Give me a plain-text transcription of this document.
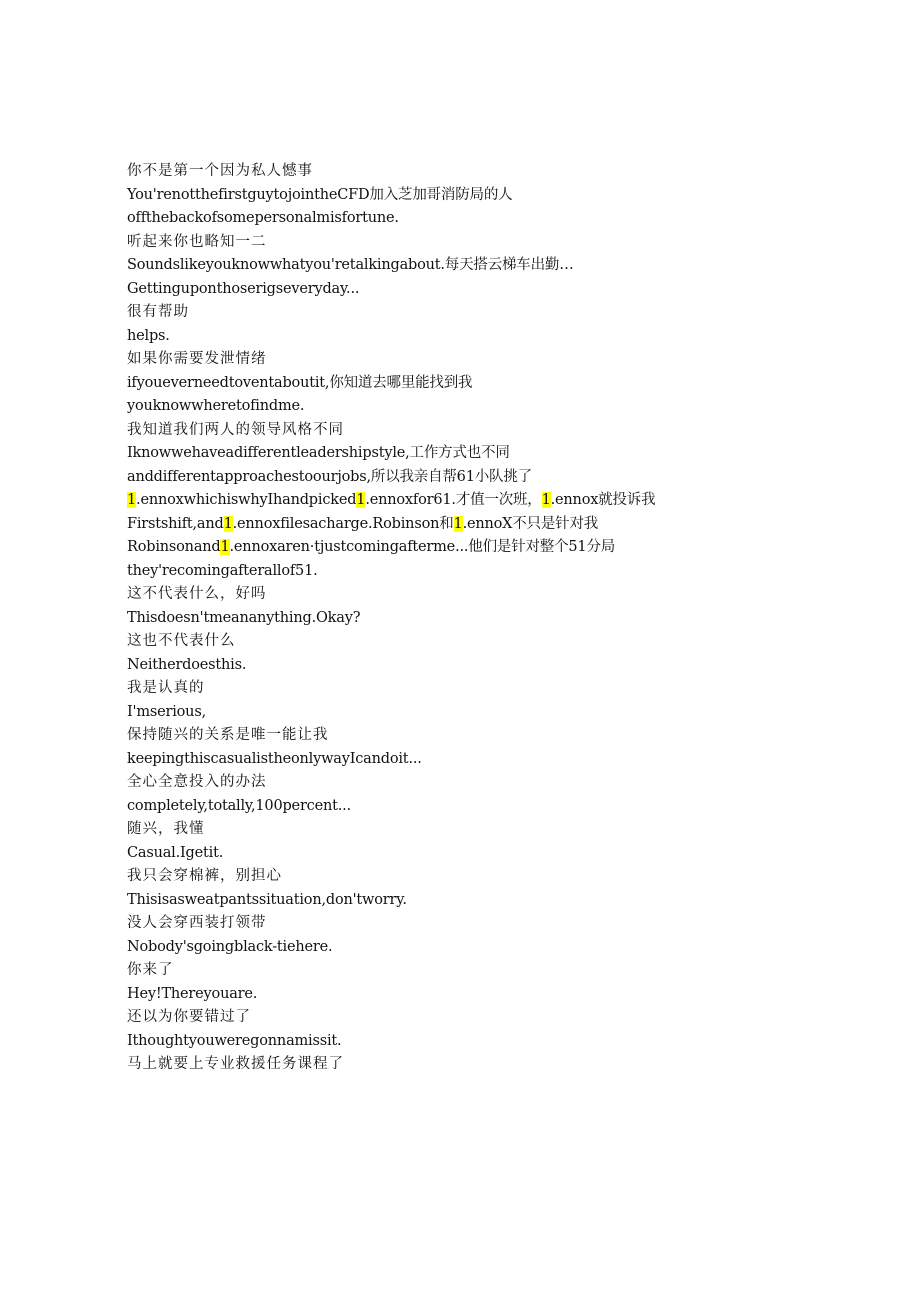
你不是第一个因为私人憾事
You'renotthefirstguytojointheCFD加入芝加哥消防局的人
offthebackofsomepersonalmisfortune.
听起来你也略知一二
Soundslikeyouknowwhatyou'retalkingabout.每天搭云梯车出勤…
Gettinguponthoserigseveryday...
很有帮助
helps.
如果你需要发泄情绪
ifyoueverneedtoventaboutit,你知道去哪里能找到我
youknowwheretofindme.
我知道我们两人的领导风格不同
Iknowwehaveadifferentleadershipstyle,工作方式也不同
anddifferentapproachestoourjobs,所以我亲自帮61小队挑了
1.ennoxwhichiswhyIhandpicked1.ennoxfor61.才值一次班，1.ennox就投诉我
Firstshift,and1.ennoxfilesacharge.Robinson和1.ennoX不只是针对我
Robinsonand1.ennoxaren·tjustcomingafterme...他们是针对整个51分局
they'recomingafterallof51.
这不代表什么，好吗
Thisdoesn'tmeananything.Okay?
这也不代表什么
Neitherdoesthis.
我是认真的
I'mserious,
保持随兴的关系是唯一能让我
keepingthiscasualistheonlywayIcandoit...
全心全意投入的办法
completely,totally,100percent...
随兴，我懂
Casual.Igetit.
我只会穿棉裤，别担心
Thisisasweatpantssituation,don'tworry.
没人会穿西装打领带
Nobody'sgoingblack-tiehere.
你来了
Hey!Thereyouare.
还以为你要错过了
Ithoughtyouweregonnamissit.
马上就要上专业救援任务课程了
